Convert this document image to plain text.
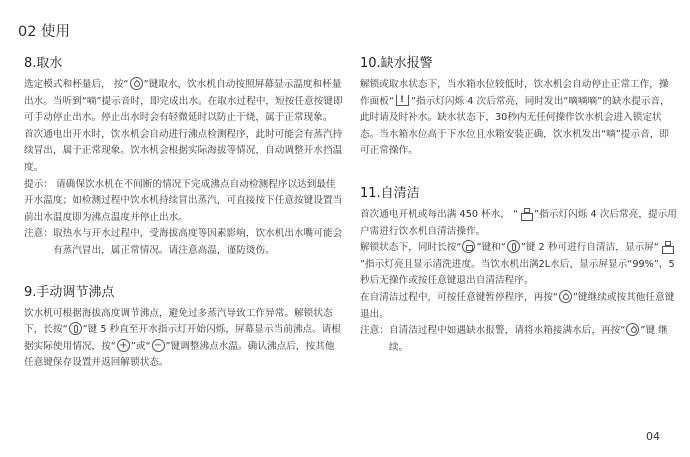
02 使用
8.取水

选定模式和杯量后， 按“ ”键取水，饮水机自动按照屏幕显示温度和杯量出水。当听到“嘀”提示音时，即完成出水。在取水过程中，短按任意按键即可手动停止出水。停止出水时会有轻微延时以防止干烧，属于正常现象。

首次通电出开水时，饮水机会自动进行沸点检测程序，此时可能会有蒸汽持续冒出，属于正常现象。饮水机会根据实际海拔等情况，自动调整开水挡温度。

提示： 请确保饮水机在不间断的情况下完成沸点自动检测程序以达到最佳开水温度；如检测过程中饮水机持续冒出蒸汽，可直接按下任意按键设置当前出水温度即为沸点温度并停止出水。

注意： 取热水与开水过程中，受海拔高度等因素影响，饮水机出水嘴可能会有蒸汽冒出，属正常情况。请注意高温，谨防烫伤。
9.手动调节沸点

饮水机可根据海拔高度调节沸点，避免过多蒸汽导致工作异常。解锁状态下，长按“ ”键 5 秒直至开水指示灯开始闪烁，屏幕显示当前沸点。请根据实际使用情况，按“ + ”或“ − ”键调整沸点水温。确认沸点后，按其他任意键保存设置并返回解锁状态。

10.缺水报警

解锁或取水状态下，当水箱水位较低时，饮水机会自动停止正常工作，操作面板“ ! ”指示灯闪烁 4 次后常亮，同时发出“嘀嘀嘀”的缺水提示音，此时请及时补水。缺水状态下，30秒内无任何操作饮水机会进入锁定状态。当水箱水位高于下水位且水箱安装正确，饮水机发出“嘀”提示音，即可正常操作。

11.自清洁

首次通电开机或每出满 450 杯水， “ ”指示灯闪烁 4 次后常亮，提示用户需进行饮水机自清洁操作。

解锁状态下，同时长按“ ”键和“ ”键 2 秒可进行自清洁，显示屏“”指示灯亮且显示清洗进度。当饮水机出满2L水后，显示屏显示“99%”，5秒后无操作或按任意键退出自清洁程序。

在自清洁过程中，可按任意键暂停程序，再按“ ”键继续或按其他任意键退出。

注意： 自清洁过程中如遇缺水报警，请将水箱接满水后，再按“ ”键 继续。
04
